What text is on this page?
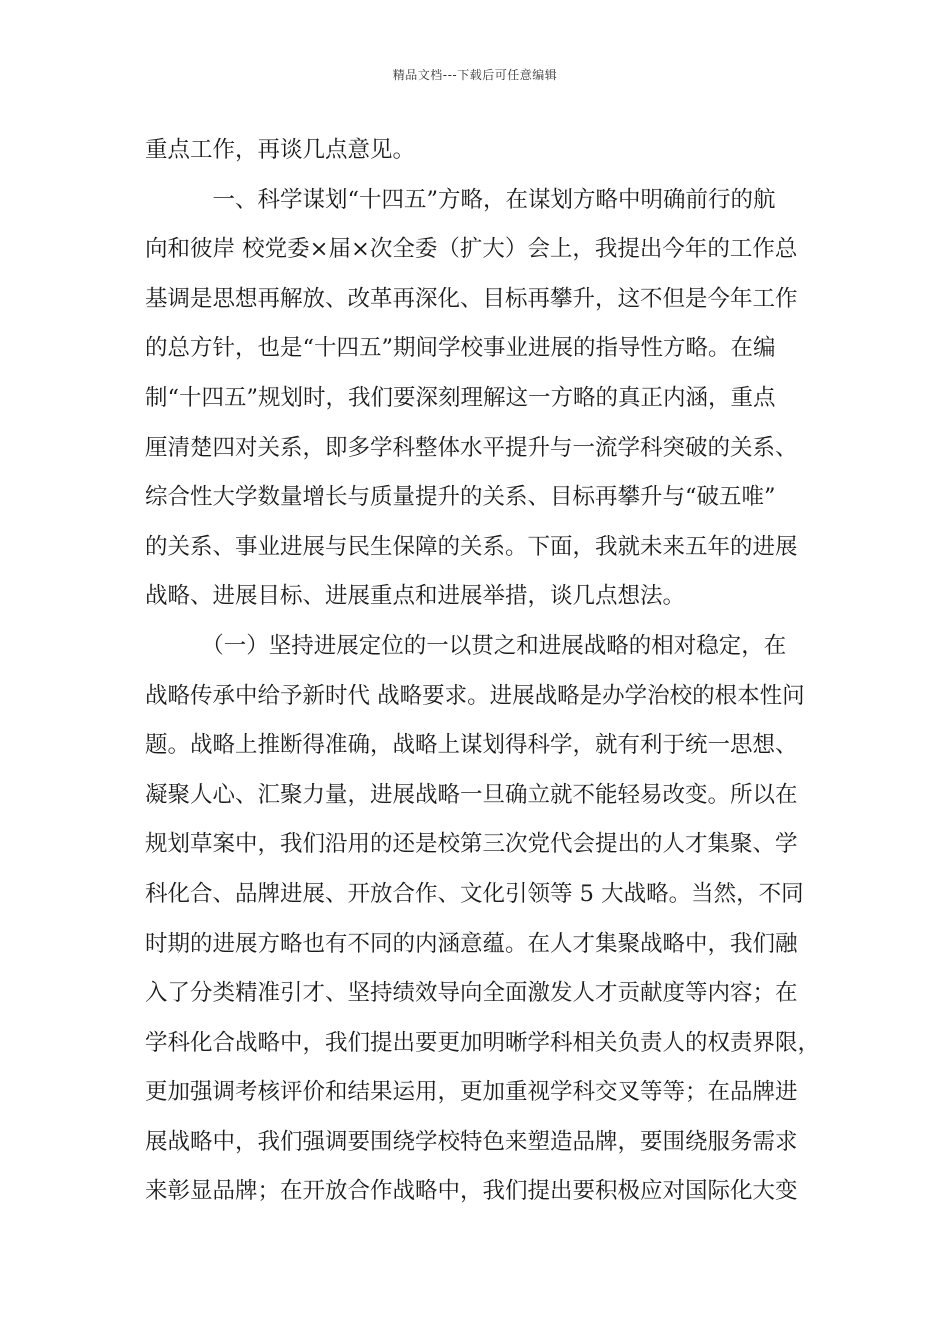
精品文档---下载后可任意编辑
重点工作，再谈几点意见。
　　　一、科学谋划“十四五”方略，在谋划方略中明确前行的航
向和彼岸 校党委×届×次全委（扩大）会上，我提出今年的工作总
基调是思想再解放、改革再深化、目标再攀升，这不但是今年工作
的总方针，也是“十四五”期间学校事业进展的指导性方略。在编
制“十四五”规划时，我们要深刻理解这一方略的真正内涵，重点
厘清楚四对关系，即多学科整体水平提升与一流学科突破的关系、
综合性大学数量增长与质量提升的关系、目标再攀升与“破五唯”
的关系、事业进展与民生保障的关系。下面，我就未来五年的进展
战略、进展目标、进展重点和进展举措，谈几点想法。
　　　（一）坚持进展定位的一以贯之和进展战略的相对稳定，在
战略传承中给予新时代 战略要求。进展战略是办学治校的根本性问
题。战略上推断得准确，战略上谋划得科学，就有利于统一思想、
凝聚人心、汇聚力量，进展战略一旦确立就不能轻易改变。所以在
规划草案中，我们沿用的还是校第三次党代会提出的人才集聚、学
科化合、品牌进展、开放合作、文化引领等 5 大战略。当然，不同
时期的进展方略也有不同的内涵意蕴。在人才集聚战略中，我们融
入了分类精准引才、坚持绩效导向全面激发人才贡献度等内容；在
学科化合战略中，我们提出要更加明晰学科相关负责人的权责界限，
更加强调考核评价和结果运用，更加重视学科交叉等等；在品牌进
展战略中，我们强调要围绕学校特色来塑造品牌，要围绕服务需求
来彰显品牌；在开放合作战略中，我们提出要积极应对国际化大变
